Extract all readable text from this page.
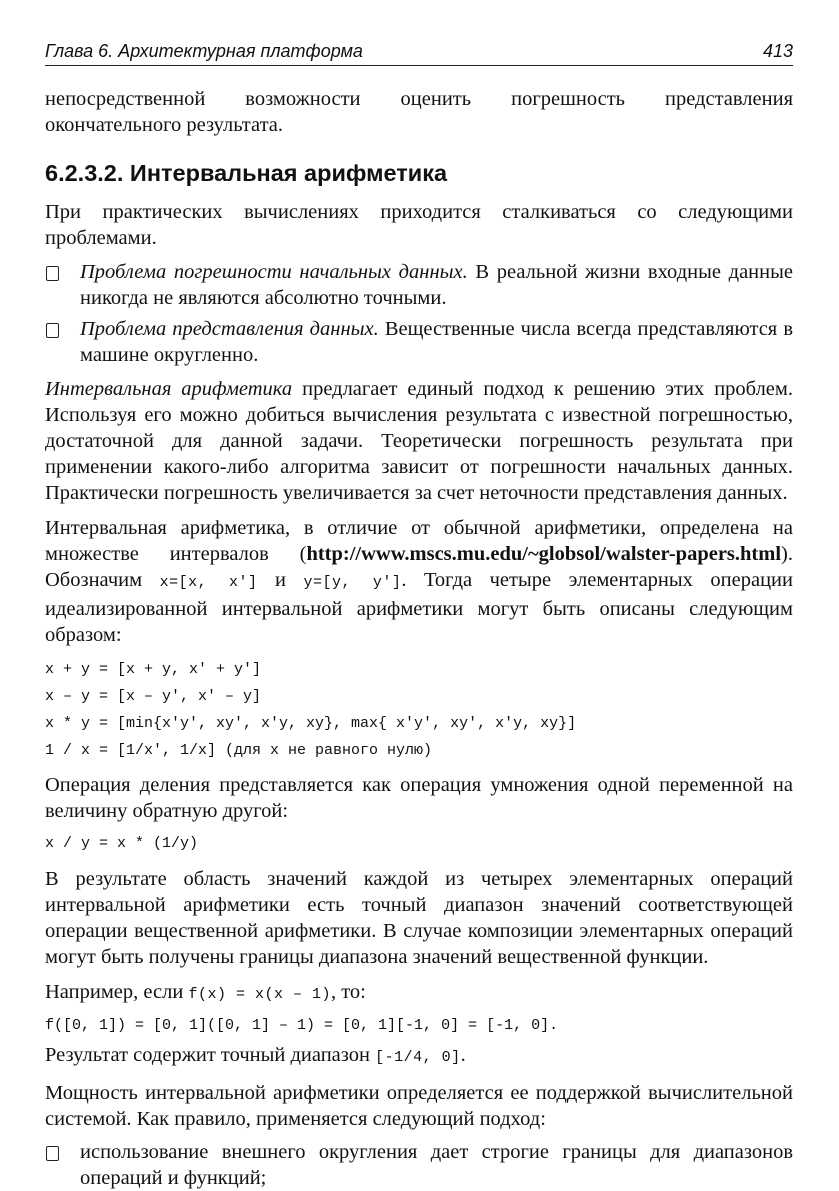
Глава 6. Архитектурная платформа	413

непосредственной возможности оценить погрешность представления окончательного результата.

6.2.3.2. Интервальная арифметика

При практических вычислениях приходится сталкиваться со следующими проблемами.

Проблема погрешности начальных данных. В реальной жизни входные данные никогда не являются абсолютно точными.
Проблема представления данных. Вещественные числа всегда представляются в машине округленно.

Интервальная арифметика предлагает единый подход к решению этих проблем. Используя его можно добиться вычисления результата с известной погрешностью, достаточной для данной задачи. Теоретически погрешность результата при применении какого-либо алгоритма зависит от погрешности начальных данных. Практически погрешность увеличивается за счет неточности представления данных.

Интервальная арифметика, в отличие от обычной арифметики, определена на множестве интервалов (http://www.mscs.mu.edu/~globsol/walster-papers.html). Обозначим x=[x, x'] и y=[y, y']. Тогда четыре элементарных операции идеализированной интервальной арифметики могут быть описаны следующим образом:

x + y = [x + y, x' + y']
x – y = [x – y', x' – y]
x * y = [min{x'y', xy', x'y, xy}, max{ x'y', xy', x'y, xy}]
1 / x = [1/x', 1/x] (для x не равного нулю)

Операция деления представляется как операция умножения одной переменной на величину обратную другой:

x / y = x * (1/y)

В результате область значений каждой из четырех элементарных операций интервальной арифметики есть точный диапазон значений соответствующей операции вещественной арифметики. В случае композиции элементарных операций могут быть получены границы диапазона значений вещественной функции.

Например, если f(x) = x(x – 1), то:

f([0, 1]) = [0, 1]([0, 1] – 1) = [0, 1][-1, 0] = [-1, 0].

Результат содержит точный диапазон [-1/4, 0].

Мощность интервальной арифметики определяется ее поддержкой вычислительной системой. Как правило, применяется следующий подход:

использование внешнего округления дает строгие границы для диапазонов операций и функций;
